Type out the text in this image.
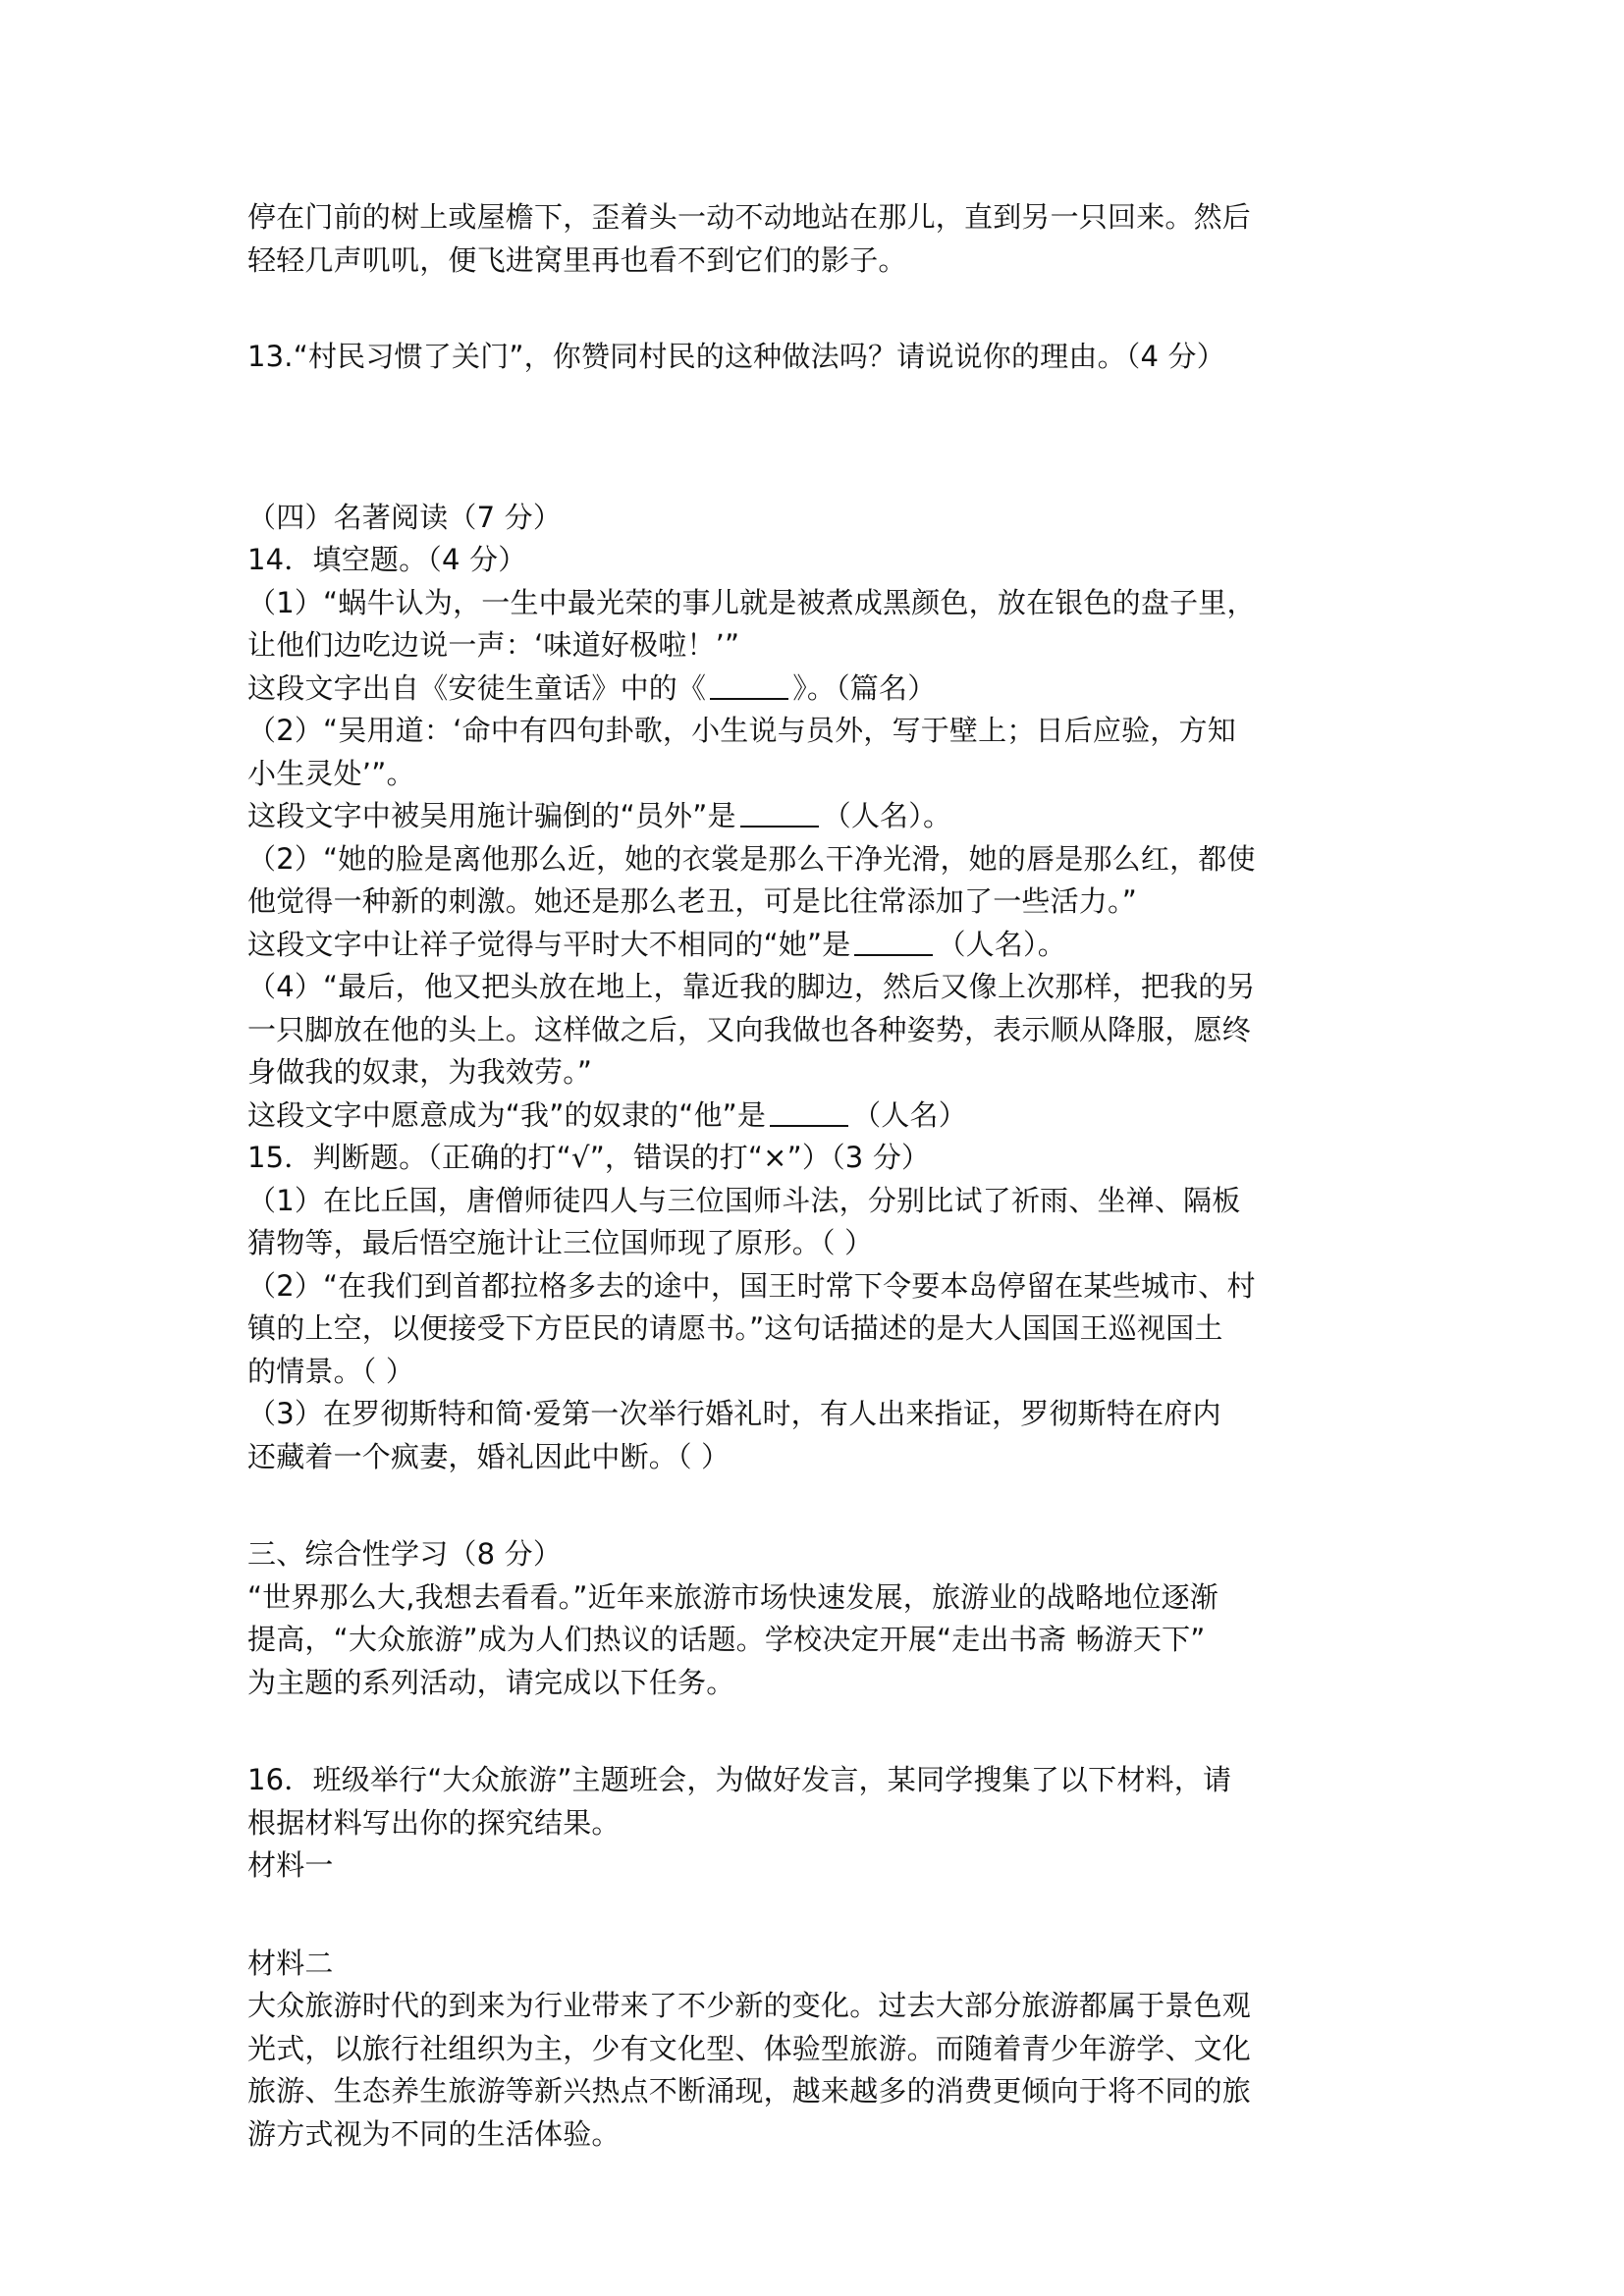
停在门前的树上或屋檐下，歪着头一动不动地站在那儿，直到另一只回来。然后
轻轻几声叽叽，便飞进窝里再也看不到它们的影子。
13.“村民习惯了关门”，你赞同村民的这种做法吗？请说说你的理由。（4 分）
（四）名著阅读（7 分）
14．填空题。（4 分）
（1）“蜗牛认为，一生中最光荣的事儿就是被煮成黑颜色，放在银色的盘子里，
让他们边吃边说一声：‘味道好极啦！’”
这段文字出自《安徒生童话》中的《	》。（篇名）
（2）“吴用道：‘命中有四句卦歌，小生说与员外，写于壁上；日后应验，方知
小生灵处’”。
这段文字中被吴用施计骗倒的“员外”是	（人名）。
（2）“她的脸是离他那么近，她的衣裳是那么干净光滑，她的唇是那么红，都使
他觉得一种新的刺激。她还是那么老丑，可是比往常添加了一些活力。”
这段文字中让祥子觉得与平时大不相同的“她”是	（人名）。
（4）“最后，他又把头放在地上，靠近我的脚边，然后又像上次那样，把我的另
一只脚放在他的头上。这样做之后，又向我做也各种姿势，表示顺从降服，愿终
身做我的奴隶，为我效劳。”
这段文字中愿意成为“我”的奴隶的“他”是	（人名）
15．判断题。（正确的打“√”，错误的打“×”）（3 分）
（1）在比丘国，唐僧师徒四人与三位国师斗法，分别比试了祈雨、坐禅、隔板
猜物等，最后悟空施计让三位国师现了原形。（ ）
（2）“在我们到首都拉格多去的途中，国王时常下令要本岛停留在某些城市、村
镇的上空，以便接受下方臣民的请愿书。”这句话描述的是大人国国王巡视国土
的情景。（ ）
（3）在罗彻斯特和简·爱第一次举行婚礼时，有人出来指证，罗彻斯特在府内
还藏着一个疯妻，婚礼因此中断。（ ）
三、综合性学习（8 分）
“世界那么大,我想去看看。”近年来旅游市场快速发展，旅游业的战略地位逐渐
提高，“大众旅游”成为人们热议的话题。学校决定开展“走出书斋 畅游天下”
为主题的系列活动，请完成以下任务。
16．班级举行“大众旅游”主题班会，为做好发言，某同学搜集了以下材料，请
根据材料写出你的探究结果。
材料一
材料二
大众旅游时代的到来为行业带来了不少新的变化。过去大部分旅游都属于景色观
光式，以旅行社组织为主，少有文化型、体验型旅游。而随着青少年游学、文化
旅游、生态养生旅游等新兴热点不断涌现，越来越多的消费更倾向于将不同的旅
游方式视为不同的生活体验。
